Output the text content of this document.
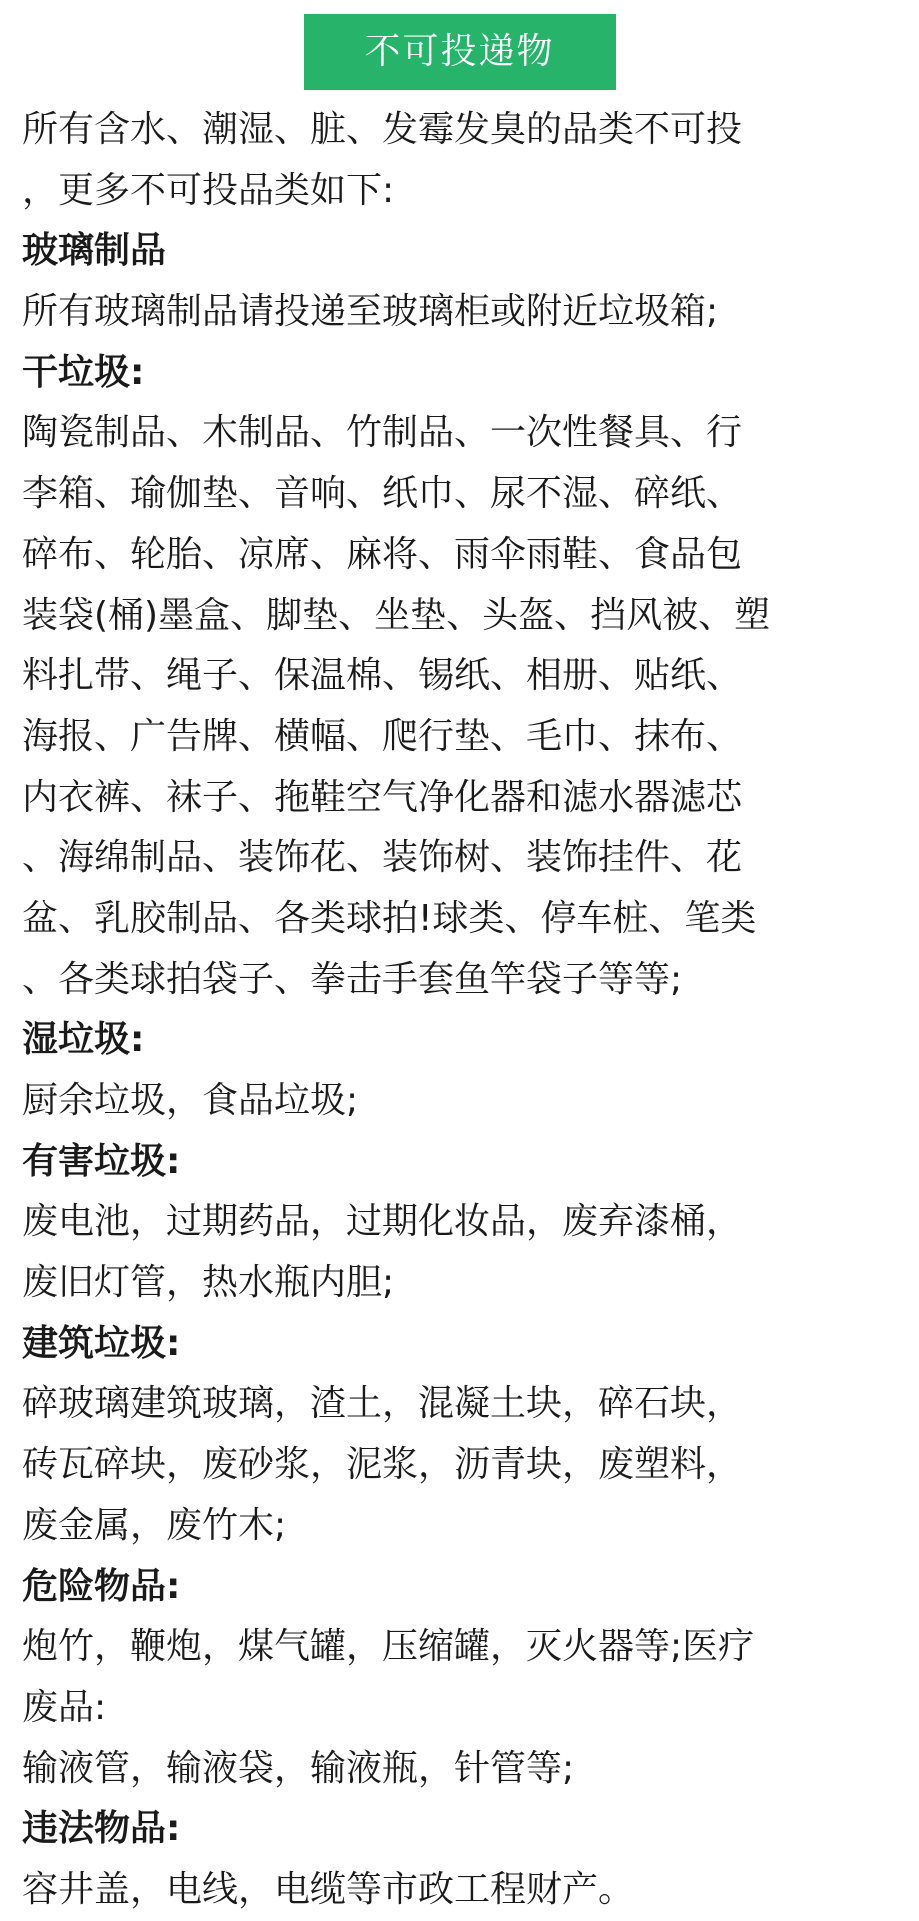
不可投递物
所有含水、潮湿、脏、发霉发臭的品类不可投
，更多不可投品类如下:
玻璃制品
所有玻璃制品请投递至玻璃柜或附近垃圾箱;
干垃圾:
陶瓷制品、木制品、竹制品、一次性餐具、行
李箱、瑜伽垫、音响、纸巾、尿不湿、碎纸、
碎布、轮胎、凉席、麻将、雨伞雨鞋、食品包
装袋(桶)墨盒、脚垫、坐垫、头盔、挡风被、塑
料扎带、绳子、保温棉、锡纸、相册、贴纸、
海报、广告牌、横幅、爬行垫、毛巾、抹布、
内衣裤、袜子、拖鞋空气净化器和滤水器滤芯
、海绵制品、装饰花、装饰树、装饰挂件、花
盆、乳胶制品、各类球拍!球类、停车桩、笔类
、各类球拍袋子、拳击手套鱼竿袋子等等;
湿垃圾:
厨余垃圾，食品垃圾;
有害垃圾:
废电池，过期药品，过期化妆品，废弃漆桶，
废旧灯管，热水瓶内胆;
建筑垃圾:
碎玻璃建筑玻璃，渣土，混凝土块，碎石块，
砖瓦碎块，废砂浆，泥浆，沥青块，废塑料，
废金属，废竹木;
危险物品:
炮竹，鞭炮，煤气罐，压缩罐，灭火器等;医疗
废品:
输液管，输液袋，输液瓶，针管等;
违法物品:
容井盖，电线，电缆等市政工程财产。
